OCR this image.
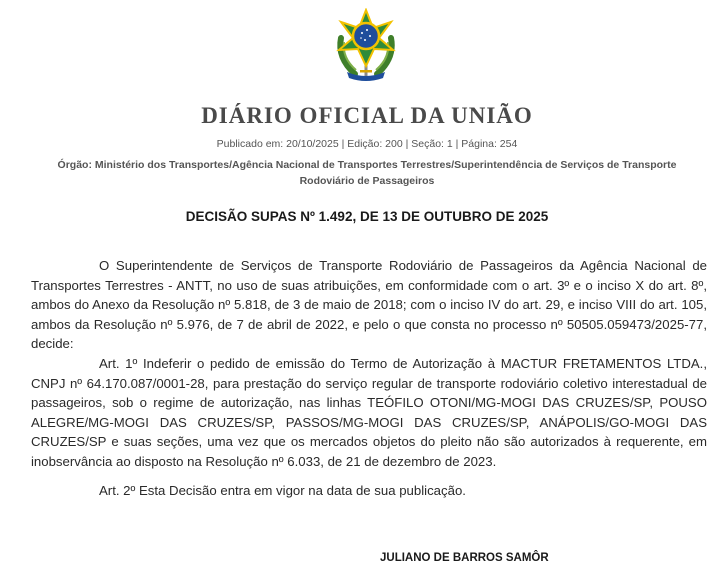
DIÁRIO OFICIAL DA UNIÃO
Publicado em: 20/10/2025 | Edição: 200 | Seção: 1 | Página: 254
Órgão: Ministério dos Transportes/Agência Nacional de Transportes Terrestres/Superintendência de Serviços de Transporte Rodoviário de Passageiros
DECISÃO SUPAS Nº 1.492, DE 13 DE OUTUBRO DE 2025

O Superintendente de Serviços de Transporte Rodoviário de Passageiros da Agência Nacional de Transportes Terrestres - ANTT, no uso de suas atribuições, em conformidade com o art. 3º e o inciso X do art. 8º, ambos do Anexo da Resolução nº 5.818, de 3 de maio de 2018; com o inciso IV do art. 29, e inciso VIII do art. 105, ambos da Resolução nº 5.976, de 7 de abril de 2022, e pelo o que consta no processo nº 50505.059473/2025-77, decide:

Art. 1º Indeferir o pedido de emissão do Termo de Autorização à MACTUR FRETAMENTOS LTDA., CNPJ nº 64.170.087/0001-28, para prestação do serviço regular de transporte rodoviário coletivo interestadual de passageiros, sob o regime de autorização, nas linhas TEÓFILO OTONI/MG-MOGI DAS CRUZES/SP, POUSO ALEGRE/MG-MOGI DAS CRUZES/SP, PASSOS/MG-MOGI DAS CRUZES/SP, ANÁPOLIS/GO-MOGI DAS CRUZES/SP e suas seções, uma vez que os mercados objetos do pleito não são autorizados à requerente, em inobservância ao disposto na Resolução nº 6.033, de 21 de dezembro de 2023.

Art. 2º Esta Decisão entra em vigor na data de sua publicação.

JULIANO DE BARROS SAMÔR
